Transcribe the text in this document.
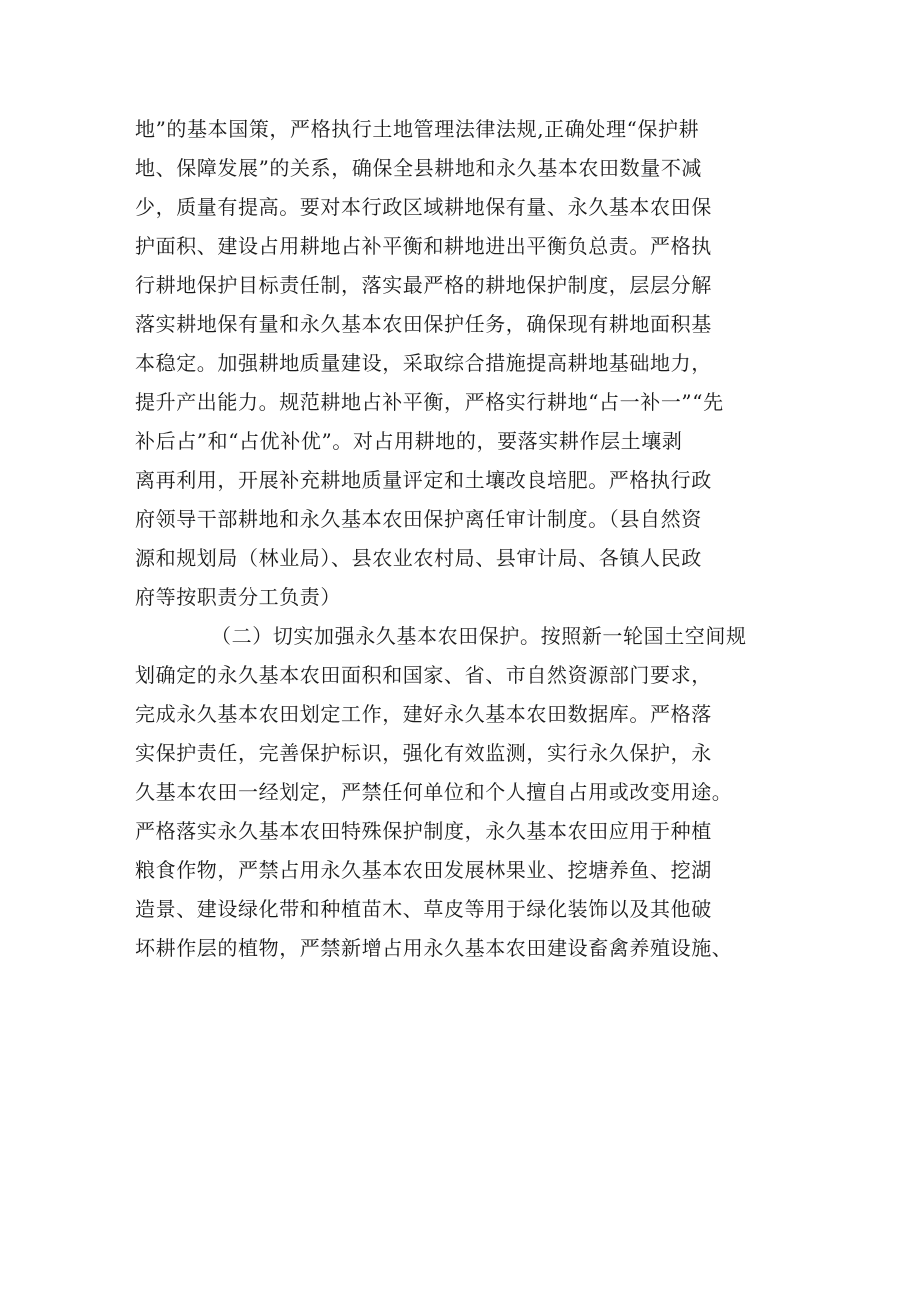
地”的基本国策，严格执行土地管理法律法规,正确处理“保护耕
地、保障发展”的关系，确保全县耕地和永久基本农田数量不减
少，质量有提高。要对本行政区域耕地保有量、永久基本农田保
护面积、建设占用耕地占补平衡和耕地进出平衡负总责。严格执
行耕地保护目标责任制，落实最严格的耕地保护制度，层层分解
落实耕地保有量和永久基本农田保护任务，确保现有耕地面积基
本稳定。加强耕地质量建设，采取综合措施提高耕地基础地力，
提升产出能力。规范耕地占补平衡，严格实行耕地“占一补一”“先
补后占”和“占优补优”。对占用耕地的，要落实耕作层土壤剥
离再利用，开展补充耕地质量评定和土壤改良培肥。严格执行政
府领导干部耕地和永久基本农田保护离任审计制度。（县自然资
源和规划局（林业局）、县农业农村局、县审计局、各镇人民政
府等按职责分工负责）
（二）切实加强永久基本农田保护。按照新一轮国土空间规
划确定的永久基本农田面积和国家、省、市自然资源部门要求，
完成永久基本农田划定工作，建好永久基本农田数据库。严格落
实保护责任，完善保护标识，强化有效监测，实行永久保护，永
久基本农田一经划定，严禁任何单位和个人擅自占用或改变用途。
严格落实永久基本农田特殊保护制度，永久基本农田应用于种植
粮食作物，严禁占用永久基本农田发展林果业、挖塘养鱼、挖湖
造景、建设绿化带和种植苗木、草皮等用于绿化装饰以及其他破
坏耕作层的植物，严禁新增占用永久基本农田建设畜禽养殖设施、
